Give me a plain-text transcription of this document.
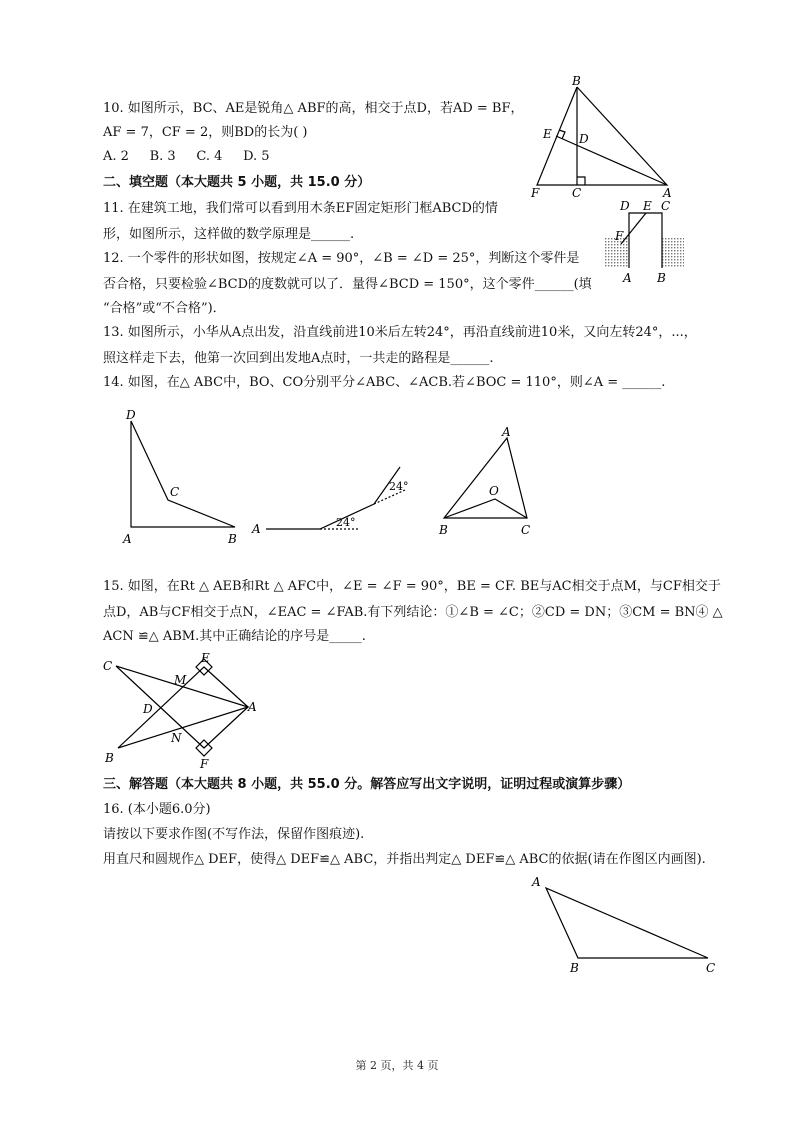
10. 如图所示，BC、AE是锐角△ ABF的高，相交于点D，若AD = BF，
AF = 7，CF = 2，则BD的长为( )
A. 2 B. 3 C. 4 D. 5
B
E D
F	C	A
二、填空题（本大题共 5 小题，共 15.0 分）
11. 在建筑工地，我们常可以看到用木条EF固定矩形门框ABCD的情
形，如图所示，这样做的数学原理是______.
D E C
F
A B
12. 一个零件的形状如图，按规定∠A = 90°，∠B = ∠D = 25°，判断这个零件是
否合格，只要检验∠BCD的度数就可以了．量得∠BCD = 150°，这个零件______(填
“合格”或“不合格”)．
13. 如图所示，小华从A点出发，沿直线前进10米后左转24°，再沿直线前进10米，又向左转24°，...，
照这样走下去，他第一次回到出发地A点时，一共走的路程是______.
14. 如图，在△ ABC中，BO、CO分别平分∠ABC、∠ACB.若∠BOC = 110°，则∠A = ______.
D
C
A	B
A	24°
24°
A
O
B	C
15. 如图，在Rt △ AEB和Rt △ AFC中，∠E = ∠F = 90°，BE = CF. BE与AC相交于点M，与CF相交于
点D，AB与CF相交于点N，∠EAC = ∠FAB.有下列结论：①∠B = ∠C；②CD = DN；③CM = BN④ △
ACN ≌△ ABM.其中正确结论的序号是_____.
C
E
M
D	A
B
N
F
三、解答题（本大题共 8 小题，共 55.0 分。解答应写出文字说明，证明过程或演算步骤）
16. (本小题6.0分)
请按以下要求作图(不写作法，保留作图痕迹).
用直尺和圆规作△ DEF，使得△ DEF≌△ ABC，并指出判定△ DEF≌△ ABC的依据(请在作图区内画图).
A
B	C
第 2 页，共 4 页
